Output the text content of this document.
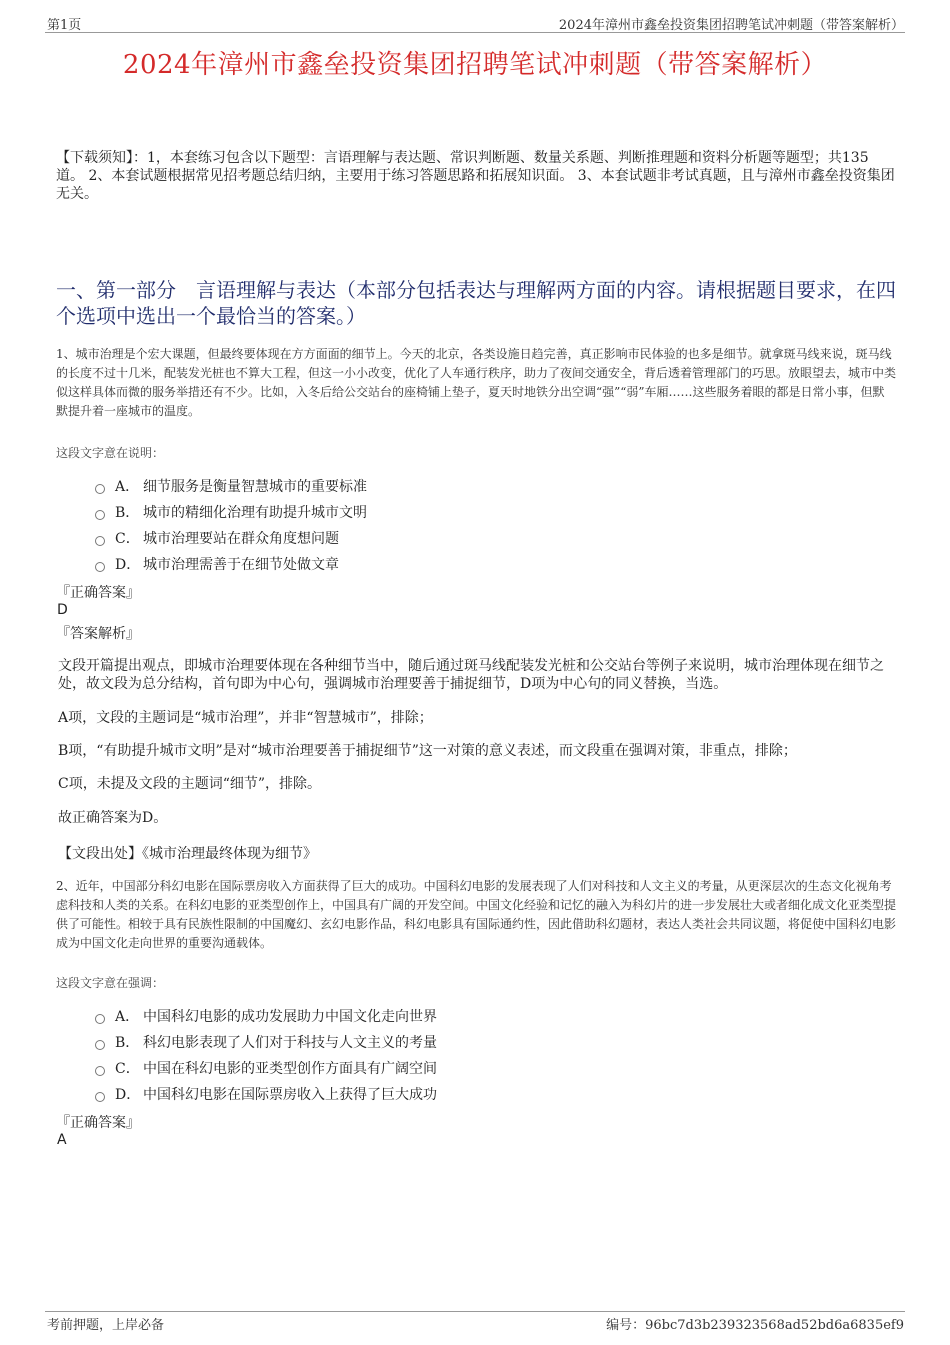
第1页	2024年漳州市鑫垒投资集团招聘笔试冲刺题（带答案解析）
2024年漳州市鑫垒投资集团招聘笔试冲刺题（带答案解析）
【下载须知】：1，本套练习包含以下题型：言语理解与表达题、常识判断题、数量关系题、判断推理题和资料分析题等题型；共135道。 2、本套试题根据常见招考题总结归纳，主要用于练习答题思路和拓展知识面。 3、本套试题非考试真题，且与漳州市鑫垒投资集团无关。
一、第一部分　言语理解与表达（本部分包括表达与理解两方面的内容。请根据题目要求，在四个选项中选出一个最恰当的答案。）
1、城市治理是个宏大课题，但最终要体现在方方面面的细节上。今天的北京，各类设施日趋完善，真正影响市民体验的也多是细节。就拿斑马线来说，斑马线的长度不过十几米，配装发光桩也不算大工程，但这一小小改变，优化了人车通行秩序，助力了夜间交通安全，背后透着管理部门的巧思。放眼望去，城市中类似这样具体而微的服务举措还有不少。比如，入冬后给公交站台的座椅铺上垫子，夏天时地铁分出空调“强”“弱”车厢……这些服务着眼的都是日常小事，但默默提升着一座城市的温度。
这段文字意在说明：
A． 细节服务是衡量智慧城市的重要标准
B． 城市的精细化治理有助提升城市文明
C． 城市治理要站在群众角度想问题
D． 城市治理需善于在细节处做文章
『正确答案』
D
『答案解析』
文段开篇提出观点，即城市治理要体现在各种细节当中，随后通过斑马线配装发光桩和公交站台等例子来说明，城市治理体现在细节之处，故文段为总分结构，首句即为中心句，强调城市治理要善于捕捉细节，D项为中心句的同义替换，当选。
A项，文段的主题词是“城市治理”，并非“智慧城市”，排除；
B项，“有助提升城市文明”是对“城市治理要善于捕捉细节”这一对策的意义表述，而文段重在强调对策，非重点，排除；
C项，未提及文段的主题词“细节”，排除。
故正确答案为D。
【文段出处】《城市治理最终体现为细节》
2、近年，中国部分科幻电影在国际票房收入方面获得了巨大的成功。中国科幻电影的发展表现了人们对科技和人文主义的考量，从更深层次的生态文化视角考虑科技和人类的关系。在科幻电影的亚类型创作上，中国具有广阔的开发空间。中国文化经验和记忆的融入为科幻片的进一步发展壮大或者细化成文化亚类型提供了可能性。相较于具有民族性限制的中国魔幻、玄幻电影作品，科幻电影具有国际通约性，因此借助科幻题材，表达人类社会共同议题，将促使中国科幻电影成为中国文化走向世界的重要沟通载体。
这段文字意在强调：
A． 中国科幻电影的成功发展助力中国文化走向世界
B． 科幻电影表现了人们对于科技与人文主义的考量
C． 中国在科幻电影的亚类型创作方面具有广阔空间
D． 中国科幻电影在国际票房收入上获得了巨大成功
『正确答案』
A
考前押题，上岸必备	编号：96bc7d3b239323568ad52bd6a6835ef9
